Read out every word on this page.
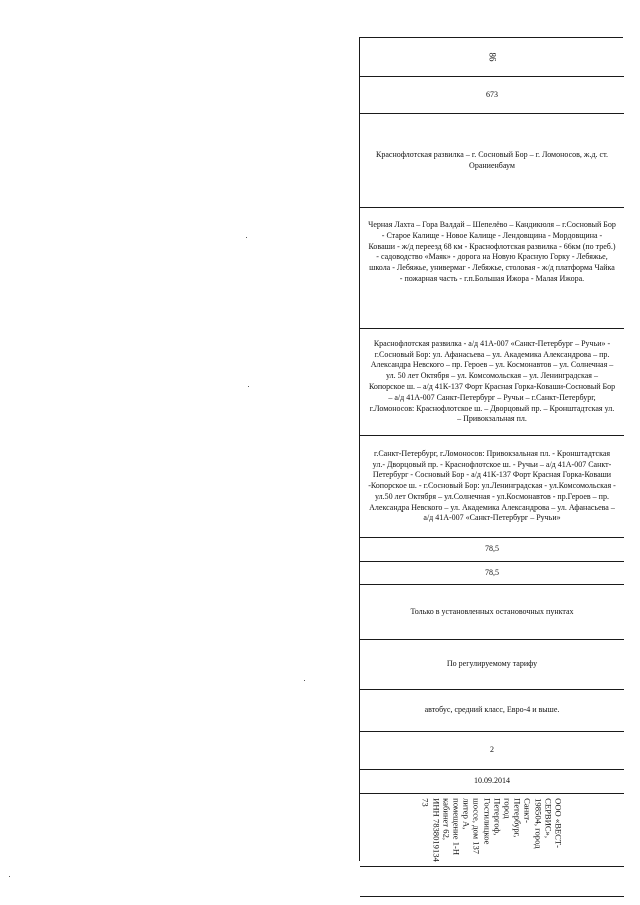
86
673
Краснофлотская развилка – г. Сосновый Бор – г. Ломоносов, ж.д. ст. Ораниенбаум
Черная Лахта – Гора Валдай – Шепелёво – Кандикюля – г.Сосновый Бор - Старое Калище - Новое Калище - Лендовщина - Мордовщина - Коваши - ж/д переезд 68 км - Краснофлотская развилка - 66км (по треб.) - садоводство «Маяк» - дорога на Новую Красную Горку - Лебяжье, школа - Лебяжье, универмаг - Лебяжье, столовая - ж/д платформа Чайка - пожарная часть - г.п.Большая Ижора - Малая Ижора.
Краснофлотская развилка - а/д 41А-007 «Санкт-Петербург – Ручьи» - г.Сосновый Бор: ул. Афанасьева – ул. Академика Александрова – пр. Александра Невского – пр. Героев – ул. Космонавтов – ул. Солнечная – ул. 50 лет Октября – ул. Комсомольская – ул. Ленинградская – Копорское ш. – а/д 41К-137 Форт Красная Горка-Коваши-Сосновый Бор – а/д 41А-007 Санкт-Петербург – Ручьи – г.Санкт-Петербург, г.Ломоносов: Краснофлотское ш. – Дворцовый пр. – Кронштадтская ул. – Привокзальная пл.
г.Санкт-Петербург, г.Ломоносов: Привокзальная пл. - Кронштадтская ул.- Дворцовый пр. - Краснофлотское ш. - Ручьи – а/д 41А-007 Санкт-Петербург - Сосновый Бор - а/д 41К-137 Форт Красная Горка-Коваши -Копорское ш. - г.Сосновый Бор: ул.Ленинградская - ул.Комсомольская - ул.50 лет Октября – ул.Солнечная - ул.Космонавтов - пр.Героев – пр. Александра Невского – ул. Академика Александрова – ул. Афанасьева –а/д 41А-007 «Санкт-Петербург – Ручьи»
78,5
78,5
Только в установленных остановочных пунктах
По регулируемому тарифу
автобус, средний класс, Евро-4 и выше.
2
10.09.2014
ООО «ВЕСТ-
СЕРВИС»,
198504, город
Санкт-
Петербург,
город
Петергоф,
Гостилицкое
шоссе, дом 137
литер А,
помещение 1-Н
кабинет 62,
ИНН 7838019134
73
